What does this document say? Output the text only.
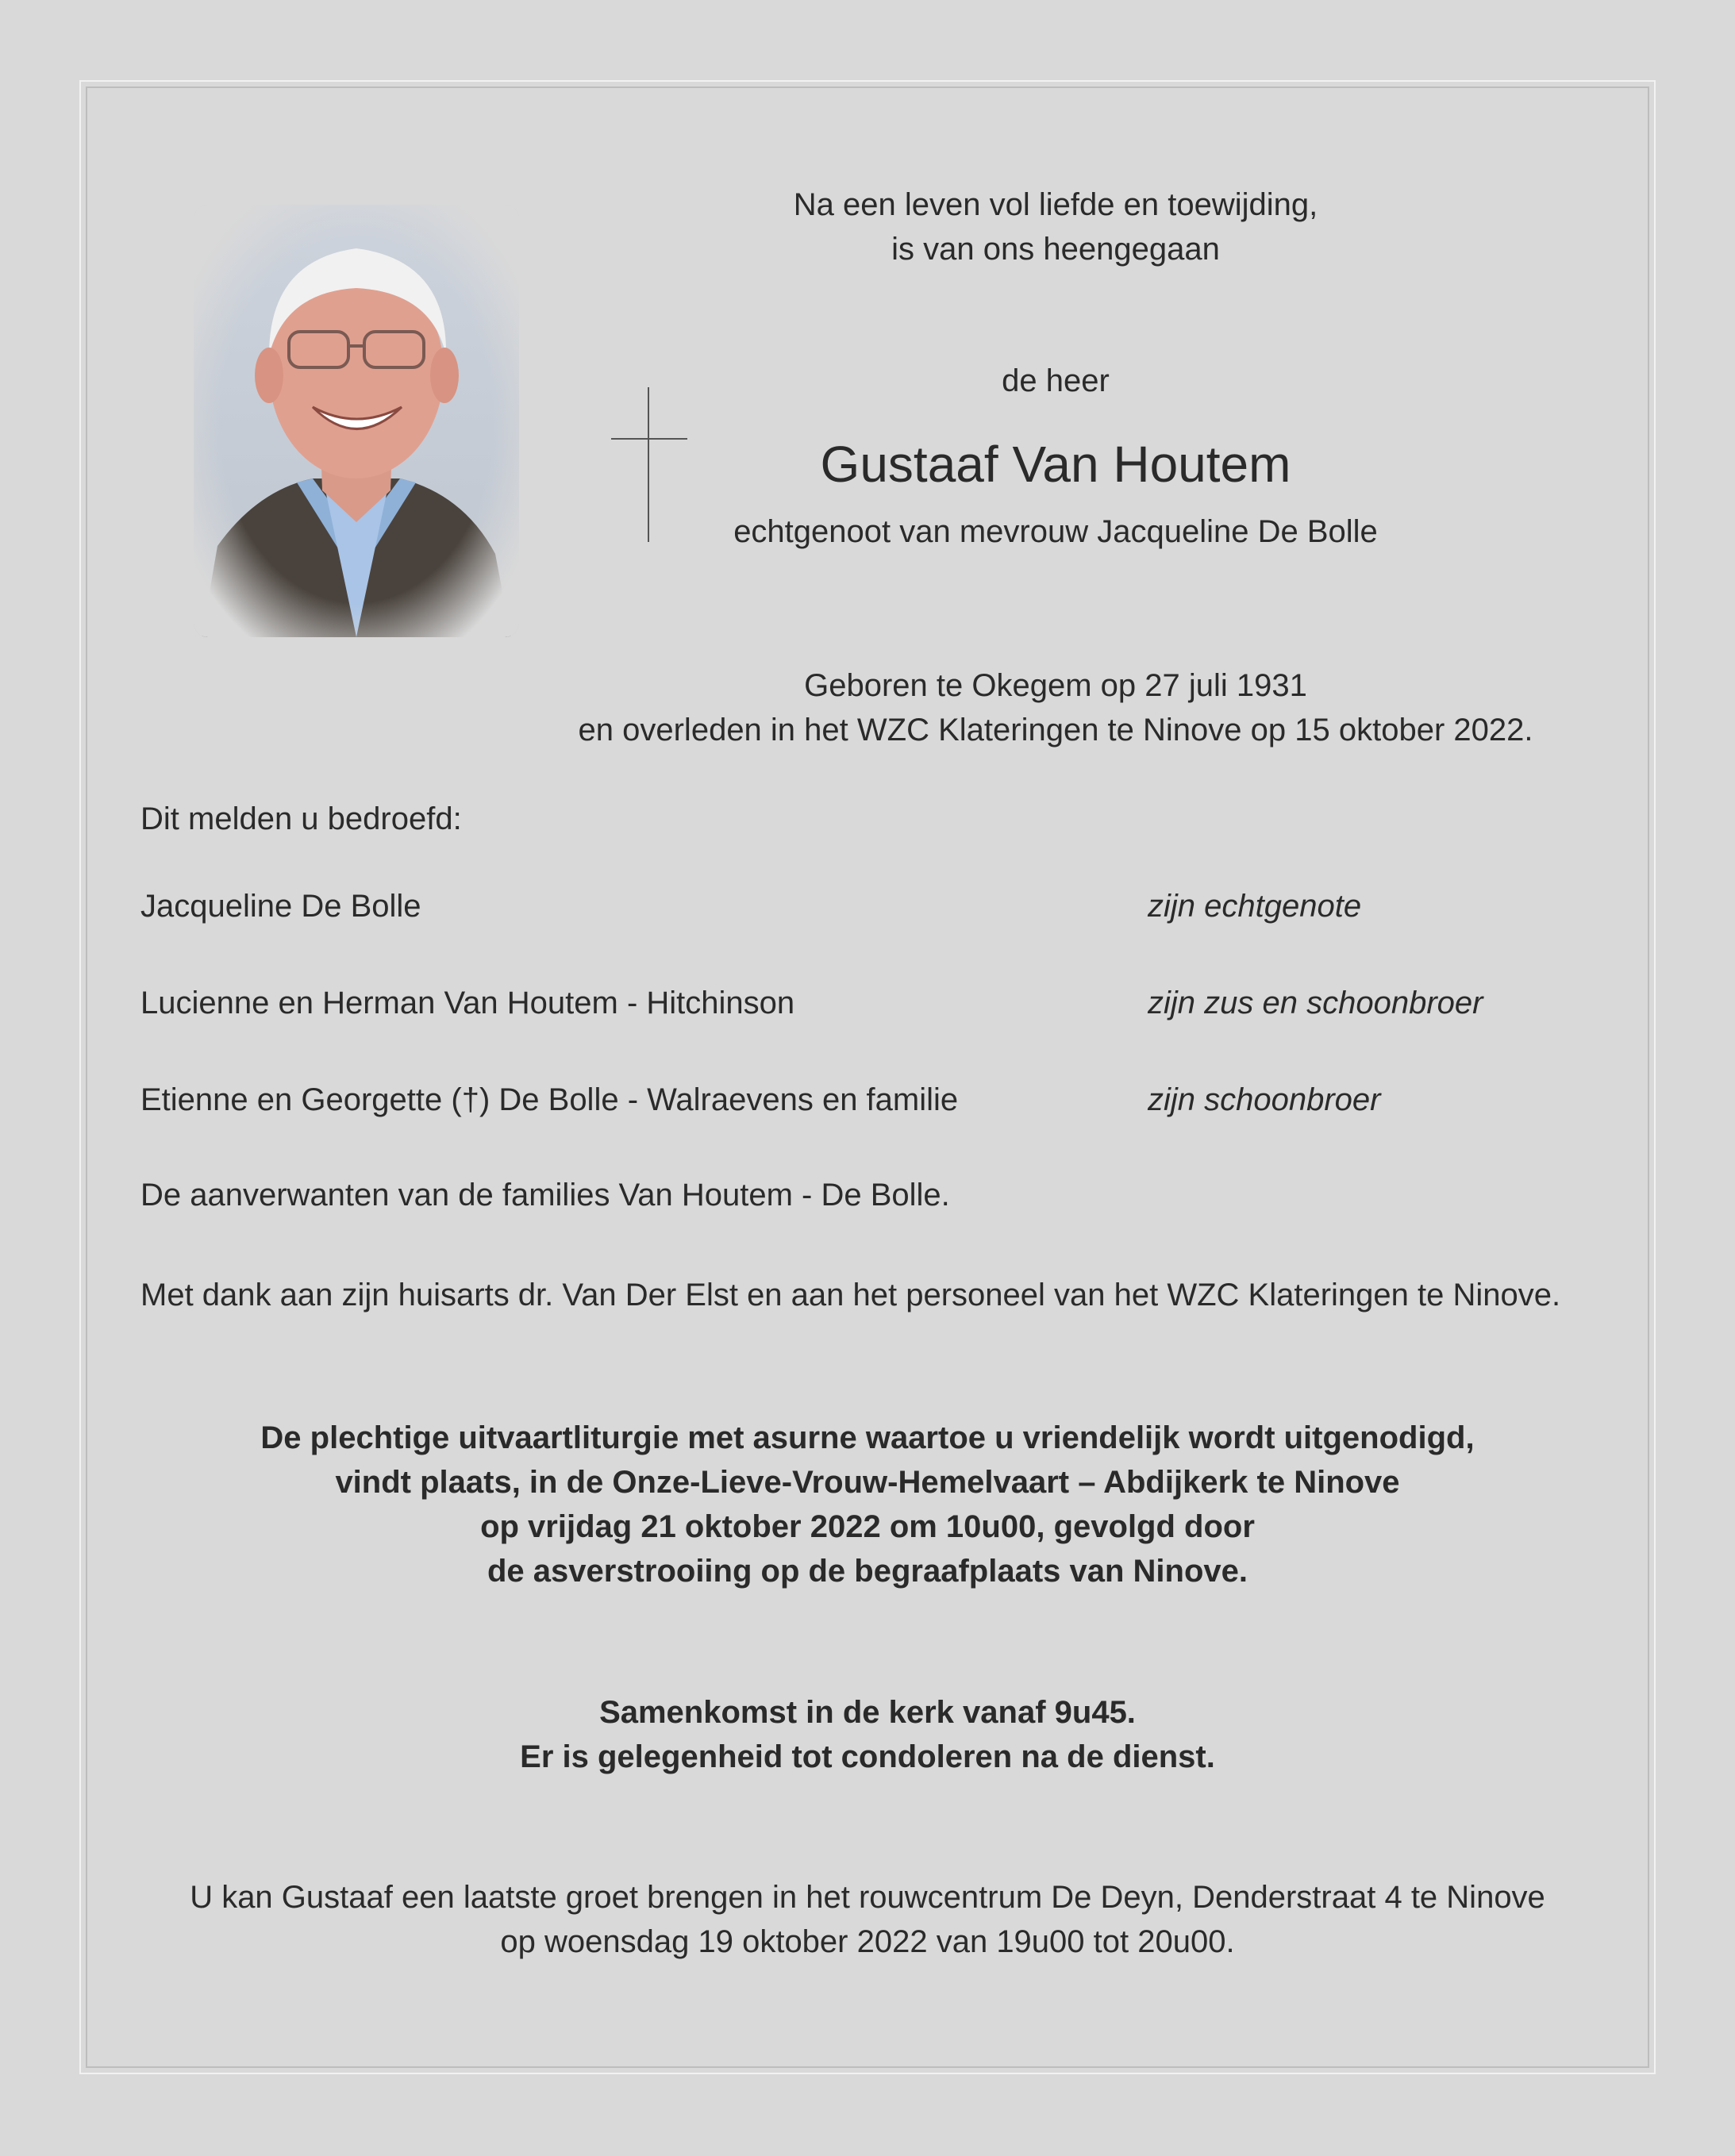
Na een leven vol liefde en toewijding,

is van ons heengegaan

de heer

Gustaaf Van Houtem

echtgenoot van mevrouw Jacqueline De Bolle

Geboren te Okegem op 27 juli 1931

en overleden in het WZC Klateringen te Ninove op 15 oktober 2022.

Dit melden u bedroefd:

Jacqueline De Bolle	zijn echtgenote

Lucienne en Herman Van Houtem - Hitchinson	zijn zus en schoonbroer

Etienne en Georgette (†) De Bolle - Walraevens en familie	zijn schoonbroer

De aanverwanten van de families Van Houtem - De Bolle.

Met dank aan zijn huisarts dr. Van Der Elst en aan het personeel van het WZC Klateringen te Ninove.

De plechtige uitvaartliturgie met asurne waartoe u vriendelijk wordt uitgenodigd,

vindt plaats, in de Onze-Lieve-Vrouw-Hemelvaart – Abdijkerk te Ninove

op vrijdag 21 oktober 2022 om 10u00, gevolgd door

de asverstrooiing op de begraafplaats van Ninove.

Samenkomst in de kerk vanaf 9u45.

Er is gelegenheid tot condoleren na de dienst.

U kan Gustaaf een laatste groet brengen in het rouwcentrum De Deyn, Denderstraat 4 te Ninove

op woensdag 19 oktober 2022 van 19u00 tot 20u00.
